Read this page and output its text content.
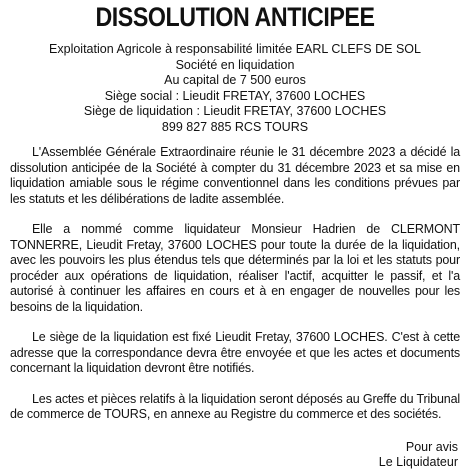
DISSOLUTION ANTICIPEE
Exploitation Agricole à responsabilité limitée EARL CLEFS DE SOL
Société en liquidation
Au capital de 7 500 euros
Siège social : Lieudit FRETAY, 37600 LOCHES
Siège de liquidation : Lieudit FRETAY, 37600 LOCHES
899 827 885 RCS TOURS

L'Assemblée Générale Extraordinaire réunie le 31 décembre 2023 a décidé la dissolution anticipée de la Société à compter du 31 décembre 2023 et sa mise en liquidation amiable sous le régime conventionnel dans les conditions prévues par les statuts et les délibérations de ladite assemblée.

Elle a nommé comme liquidateur Monsieur Hadrien de CLERMONT TONNERRE, Lieudit Fretay, 37600 LOCHES pour toute la durée de la liquidation, avec les pouvoirs les plus étendus tels que déterminés par la loi et les statuts pour procéder aux opérations de liquidation, réaliser l'actif, acquitter le passif, et l'a autorisé à continuer les affaires en cours et à en engager de nouvelles pour les besoins de la liquidation.

Le siège de la liquidation est fixé Lieudit Fretay, 37600 LOCHES. C'est à cette adresse que la correspondance devra être envoyée et que les actes et documents concernant la liquidation devront être notifiés.

Les actes et pièces relatifs à la liquidation seront déposés au Greffe du Tribunal de commerce de TOURS, en annexe au Registre du commerce et des sociétés.

Pour avis
Le Liquidateur
